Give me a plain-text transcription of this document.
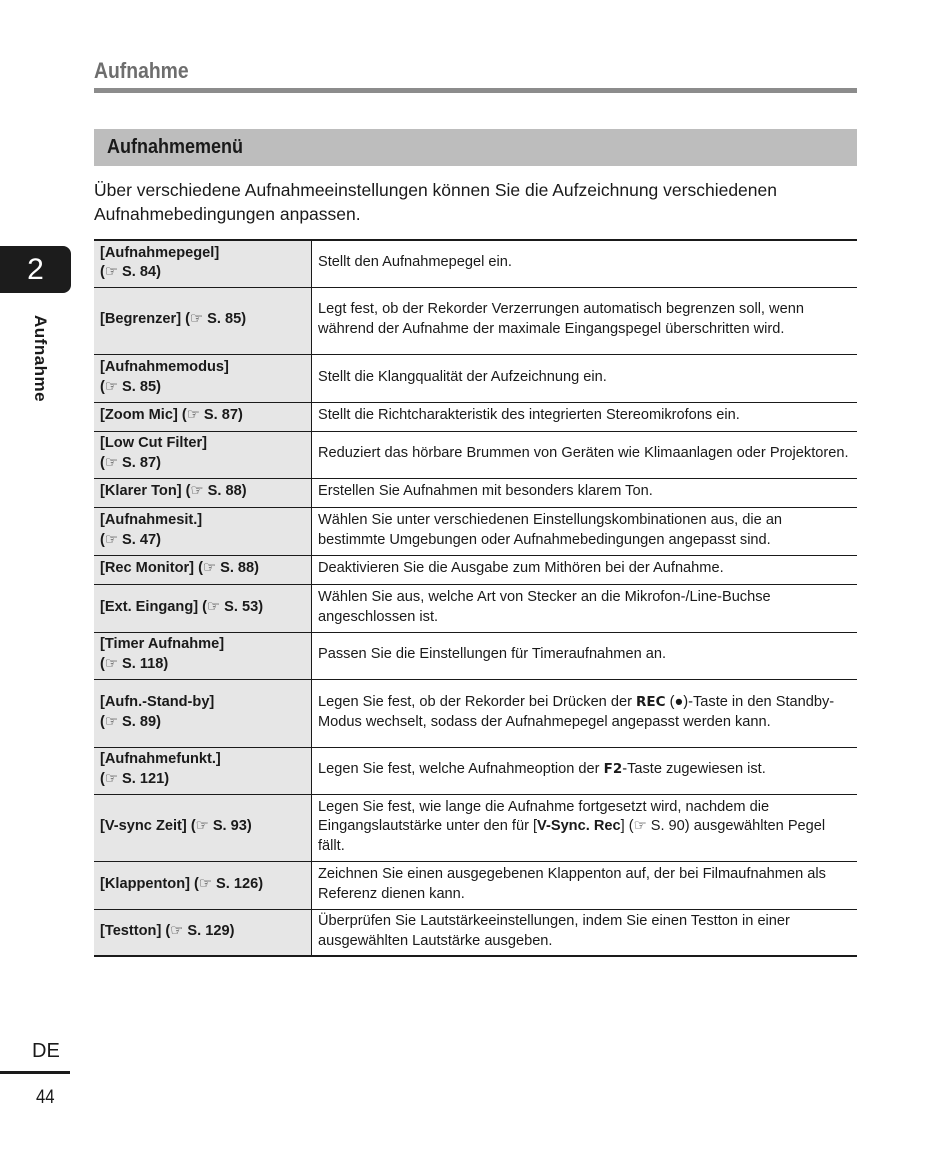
Aufnahme
Aufnahmemenü
Über verschiedene Aufnahmeeinstellungen können Sie die Aufzeichnung verschiedenen Aufnahmebedingungen anpassen.
2
Aufnahme
DE
44
[Aufnahmepegel]
(☞ S. 84)	Stellt den Aufnahmepegel ein.
[Begrenzer] (☞ S. 85)	Legt fest, ob der Rekorder Verzerrungen automatisch begrenzen soll, wenn während der Aufnahme der maximale Eingangspegel überschritten wird.
[Aufnahmemodus]
(☞ S. 85)	Stellt die Klangqualität der Aufzeichnung ein.
[Zoom Mic] (☞ S. 87)	Stellt die Richtcharakteristik des integrierten Stereomikrofons ein.
[Low Cut Filter]
(☞ S. 87)	Reduziert das hörbare Brummen von Geräten wie Klimaanlagen oder Projektoren.
[Klarer Ton] (☞ S. 88)	Erstellen Sie Aufnahmen mit besonders klarem Ton.
[Aufnahmesit.]
(☞ S. 47)	Wählen Sie unter verschiedenen Einstellungskombinationen aus, die an bestimmte Umgebungen oder Aufnahmebedingungen angepasst sind.
[Rec Monitor] (☞ S. 88)	Deaktivieren Sie die Ausgabe zum Mithören bei der Aufnahme.
[Ext. Eingang] (☞ S. 53)	Wählen Sie aus, welche Art von Stecker an die Mikrofon-/Line-Buchse angeschlossen ist.
[Timer Aufnahme]
(☞ S. 118)	Passen Sie die Einstellungen für Timeraufnahmen an.
[Aufn.-Stand-by]
(☞ S. 89)	Legen Sie fest, ob der Rekorder bei Drücken der REC (●)-Taste in den Standby-Modus wechselt, sodass der Aufnahmepegel angepasst werden kann.
[Aufnahmefunkt.]
(☞ S. 121)	Legen Sie fest, welche Aufnahmeoption der F2-Taste zugewiesen ist.
[V-sync Zeit] (☞ S. 93)	Legen Sie fest, wie lange die Aufnahme fortgesetzt wird, nachdem die Eingangslautstärke unter den für [V-Sync. Rec] (☞ S. 90) ausgewählten Pegel fällt.
[Klappenton] (☞ S. 126)	Zeichnen Sie einen ausgegebenen Klappenton auf, der bei Filmaufnahmen als Referenz dienen kann.
[Testton] (☞ S. 129)	Überprüfen Sie Lautstärkeeinstellungen, indem Sie einen Testton in einer ausgewählten Lautstärke ausgeben.
